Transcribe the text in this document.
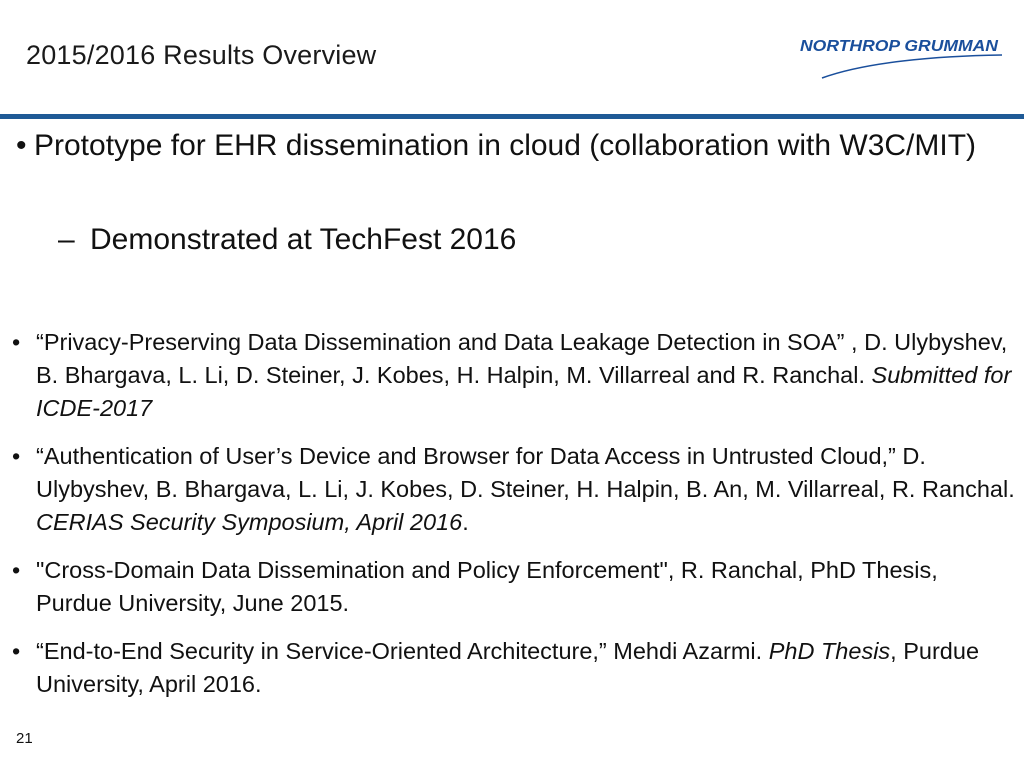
2015/2016 Results Overview	NORTHROP GRUMMAN
• Prototype for EHR dissemination in cloud (collaboration with W3C/MIT)
– Demonstrated at TechFest 2016
• “Privacy-Preserving Data Dissemination and Data Leakage Detection in SOA” , D. Ulybyshev, B. Bhargava, L. Li, D. Steiner, J. Kobes, H. Halpin, M. Villarreal and R. Ranchal. Submitted for ICDE-2017
• “Authentication of User’s Device and Browser for Data Access in Untrusted Cloud,” D. Ulybyshev, B. Bhargava, L. Li, J. Kobes, D. Steiner, H. Halpin, B. An, M. Villarreal, R. Ranchal. CERIAS Security Symposium, April 2016.
• "Cross-Domain Data Dissemination and Policy Enforcement", R. Ranchal, PhD Thesis, Purdue University, June 2015.
• “End-to-End Security in Service-Oriented Architecture,” Mehdi Azarmi. PhD Thesis, Purdue University, April 2016.
21
